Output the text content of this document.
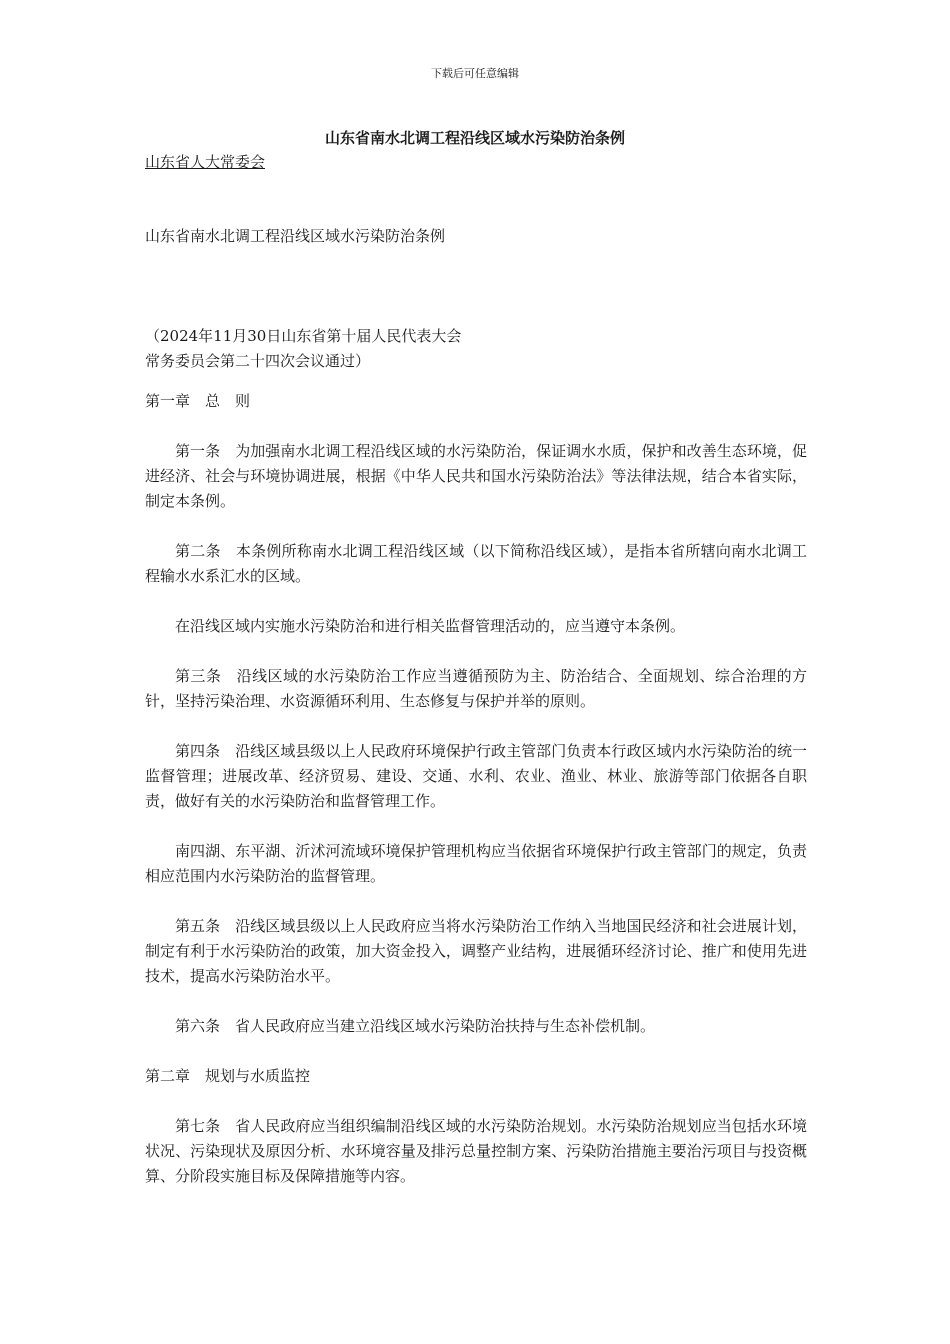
下载后可任意编辑
山东省南水北调工程沿线区域水污染防治条例
山东省人大常委会

山东省南水北调工程沿线区域水污染防治条例

（2024年11月30日山东省第十届人民代表大会
常务委员会第二十四次会议通过）

第一章　总　则

第一条　为加强南水北调工程沿线区域的水污染防治，保证调水水质，保护和改善生态环境，促进经济、社会与环境协调进展，根据《中华人民共和国水污染防治法》等法律法规，结合本省实际，制定本条例。

第二条　本条例所称南水北调工程沿线区域（以下简称沿线区域），是指本省所辖向南水北调工程输水水系汇水的区域。

在沿线区域内实施水污染防治和进行相关监督管理活动的，应当遵守本条例。

第三条　沿线区域的水污染防治工作应当遵循预防为主、防治结合、全面规划、综合治理的方针，坚持污染治理、水资源循环利用、生态修复与保护并举的原则。

第四条　沿线区域县级以上人民政府环境保护行政主管部门负责本行政区域内水污染防治的统一监督管理；进展改革、经济贸易、建设、交通、水利、农业、渔业、林业、旅游等部门依据各自职责，做好有关的水污染防治和监督管理工作。

南四湖、东平湖、沂沭河流域环境保护管理机构应当依据省环境保护行政主管部门的规定，负责相应范围内水污染防治的监督管理。

第五条　沿线区域县级以上人民政府应当将水污染防治工作纳入当地国民经济和社会进展计划，制定有利于水污染防治的政策，加大资金投入，调整产业结构，进展循环经济讨论、推广和使用先进技术，提高水污染防治水平。

第六条　省人民政府应当建立沿线区域水污染防治扶持与生态补偿机制。

第二章　规划与水质监控

第七条　省人民政府应当组织编制沿线区域的水污染防治规划。水污染防治规划应当包括水环境状况、污染现状及原因分析、水环境容量及排污总量控制方案、污染防治措施主要治污项目与投资概算、分阶段实施目标及保障措施等内容。
